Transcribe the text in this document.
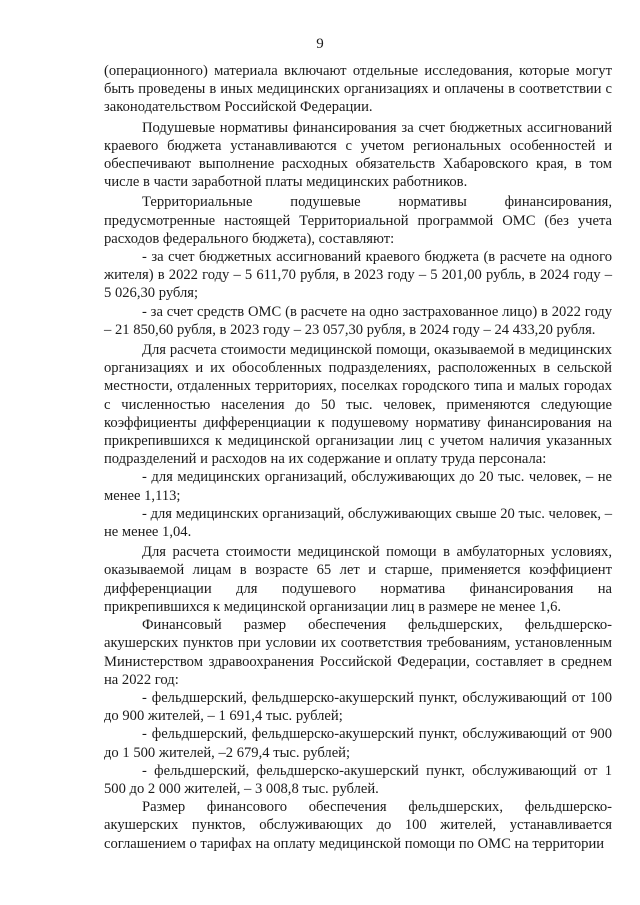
9

(операционного) материала включают отдельные исследования, которые могут быть проведены в иных медицинских организациях и оплачены в соответствии с законодательством Российской Федерации.

Подушевые нормативы финансирования за счет бюджетных ассигнований краевого бюджета устанавливаются с учетом региональных особенностей и обеспечивают выполнение расходных обязательств Хабаровского края, в том числе в части заработной платы медицинских работников.

Территориальные подушевые нормативы финансирования, предусмотренные настоящей Территориальной программой ОМС (без учета расходов федерального бюджета), составляют:

- за счет бюджетных ассигнований краевого бюджета (в расчете на одного жителя) в 2022 году – 5 611,70 рубля, в 2023 году – 5 201,00 рубль, в 2024 году – 5 026,30 рубля;

- за счет средств ОМС (в расчете на одно застрахованное лицо) в 2022 году – 21 850,60 рубля, в 2023 году – 23 057,30 рубля, в 2024 году – 24 433,20 рубля.

Для расчета стоимости медицинской помощи, оказываемой в медицинских организациях и их обособленных подразделениях, расположенных в сельской местности, отдаленных территориях, поселках городского типа и малых городах с численностью населения до 50 тыс. человек, применяются следующие коэффициенты дифференциации к подушевому нормативу финансирования на прикрепившихся к медицинской организации лиц с учетом наличия указанных подразделений и расходов на их содержание и оплату труда персонала:

- для медицинских организаций, обслуживающих до 20 тыс. человек, – не менее 1,113;

- для медицинских организаций, обслуживающих свыше 20 тыс. человек, – не менее 1,04.

Для расчета стоимости медицинской помощи в амбулаторных условиях, оказываемой лицам в возрасте 65 лет и старше, применяется коэффициент дифференциации для подушевого норматива финансирования на прикрепившихся к медицинской организации лиц в размере не менее 1,6.

Финансовый размер обеспечения фельдшерских, фельдшерско-акушерских пунктов при условии их соответствия требованиям, установленным Министерством здравоохранения Российской Федерации, составляет в среднем на 2022 год:

- фельдшерский, фельдшерско-акушерский пункт, обслуживающий от 100 до 900 жителей, – 1 691,4 тыс. рублей;

- фельдшерский, фельдшерско-акушерский пункт, обслуживающий от 900 до 1 500 жителей, –2 679,4 тыс. рублей;

- фельдшерский, фельдшерско-акушерский пункт, обслуживающий от 1 500 до 2 000 жителей, – 3 008,8 тыс. рублей.

Размер финансового обеспечения фельдшерских, фельдшерско-акушерских пунктов, обслуживающих до 100 жителей, устанавливается соглашением о тарифах на оплату медицинской помощи по ОМС на территории
